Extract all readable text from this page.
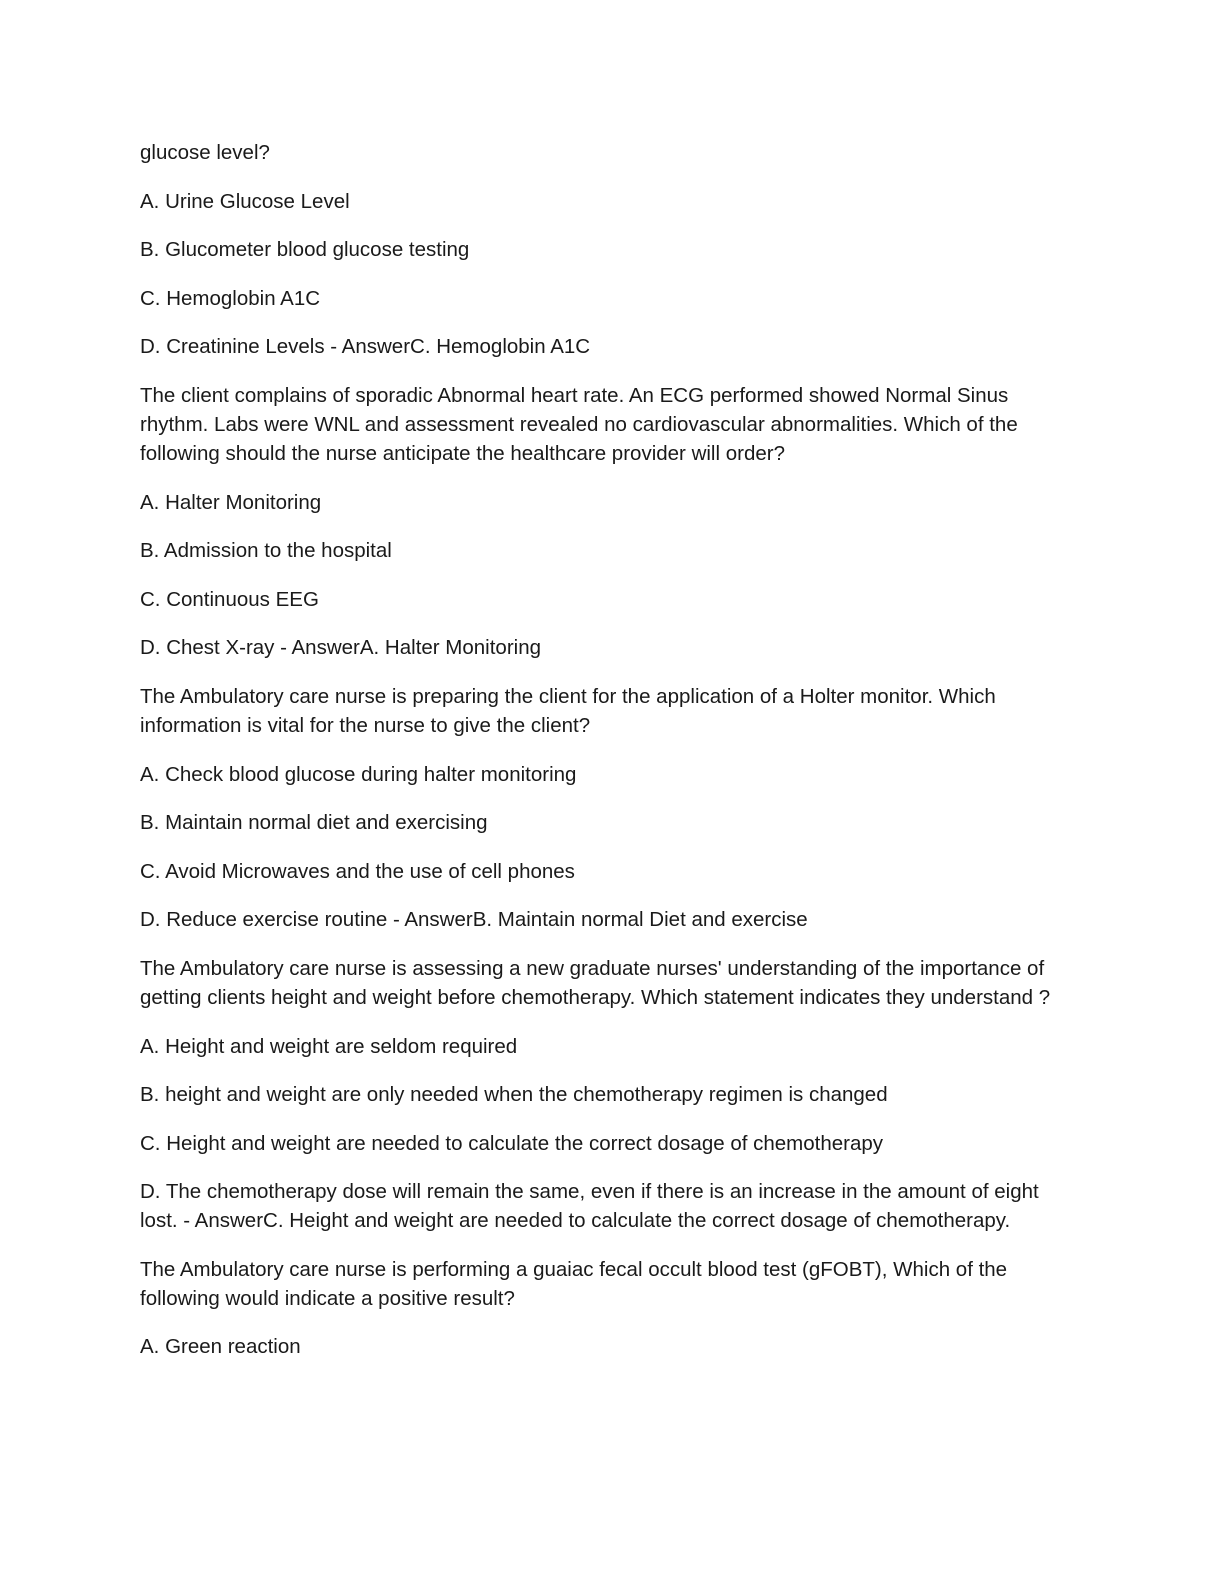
glucose level?

A. Urine Glucose Level

B. Glucometer blood glucose testing

C. Hemoglobin A1C

D. Creatinine Levels - AnswerC. Hemoglobin A1C

The client complains of sporadic Abnormal heart rate. An ECG performed showed Normal Sinus rhythm. Labs were WNL and assessment revealed no cardiovascular abnormalities. Which of the following should the nurse anticipate the healthcare provider will order?

A. Halter Monitoring

B. Admission to the hospital

C. Continuous EEG

D. Chest X-ray - AnswerA. Halter Monitoring

The Ambulatory care nurse is preparing the client for the application of a Holter monitor. Which information is vital for the nurse to give the client?

A. Check blood glucose during halter monitoring

B. Maintain normal diet and exercising

C. Avoid Microwaves and the use of cell phones

D. Reduce exercise routine - AnswerB. Maintain normal Diet and exercise

The Ambulatory care nurse is assessing a new graduate nurses' understanding of the importance of getting clients height and weight before chemotherapy. Which statement indicates they understand ?

A. Height and weight are seldom required

B. height and weight are only needed when the chemotherapy regimen is changed

C. Height and weight are needed to calculate the correct dosage of chemotherapy

D. The chemotherapy dose will remain the same, even if there is an increase in the amount of eight lost. - AnswerC. Height and weight are needed to calculate the correct dosage of chemotherapy.

The Ambulatory care nurse is performing a guaiac fecal occult blood test (gFOBT), Which of the following would indicate a positive result?

A. Green reaction
